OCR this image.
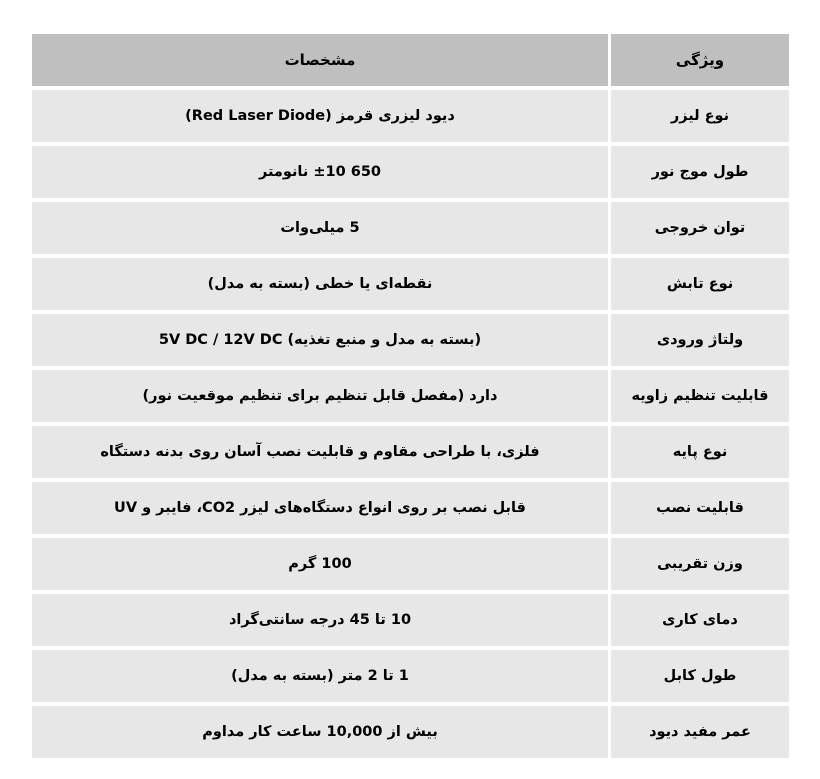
ویژگی	مشخصات
نوع لیزر	دیود لیزری قرمز (Red Laser Diode)
طول موج نور	650 ±10 نانومتر
توان خروجی	5 میلی‌وات
نوع تابش	نقطه‌ای یا خطی (بسته به مدل)
ولتاژ ورودی	5V DC / 12V DC (بسته به مدل و منبع تغذیه)
قابلیت تنظیم زاویه	دارد (مفصل قابل تنظیم برای تنظیم موقعیت نور)
نوع پایه	فلزی، با طراحی مقاوم و قابلیت نصب آسان روی بدنه دستگاه
قابلیت نصب	قابل نصب بر روی انواع دستگاه‌های لیزر CO2، فایبر و UV
وزن تقریبی	100 گرم
دمای کاری	10 تا 45 درجه سانتی‌گراد
طول کابل	1 تا 2 متر (بسته به مدل)
عمر مفید دیود	بیش از 10,000 ساعت کار مداوم
